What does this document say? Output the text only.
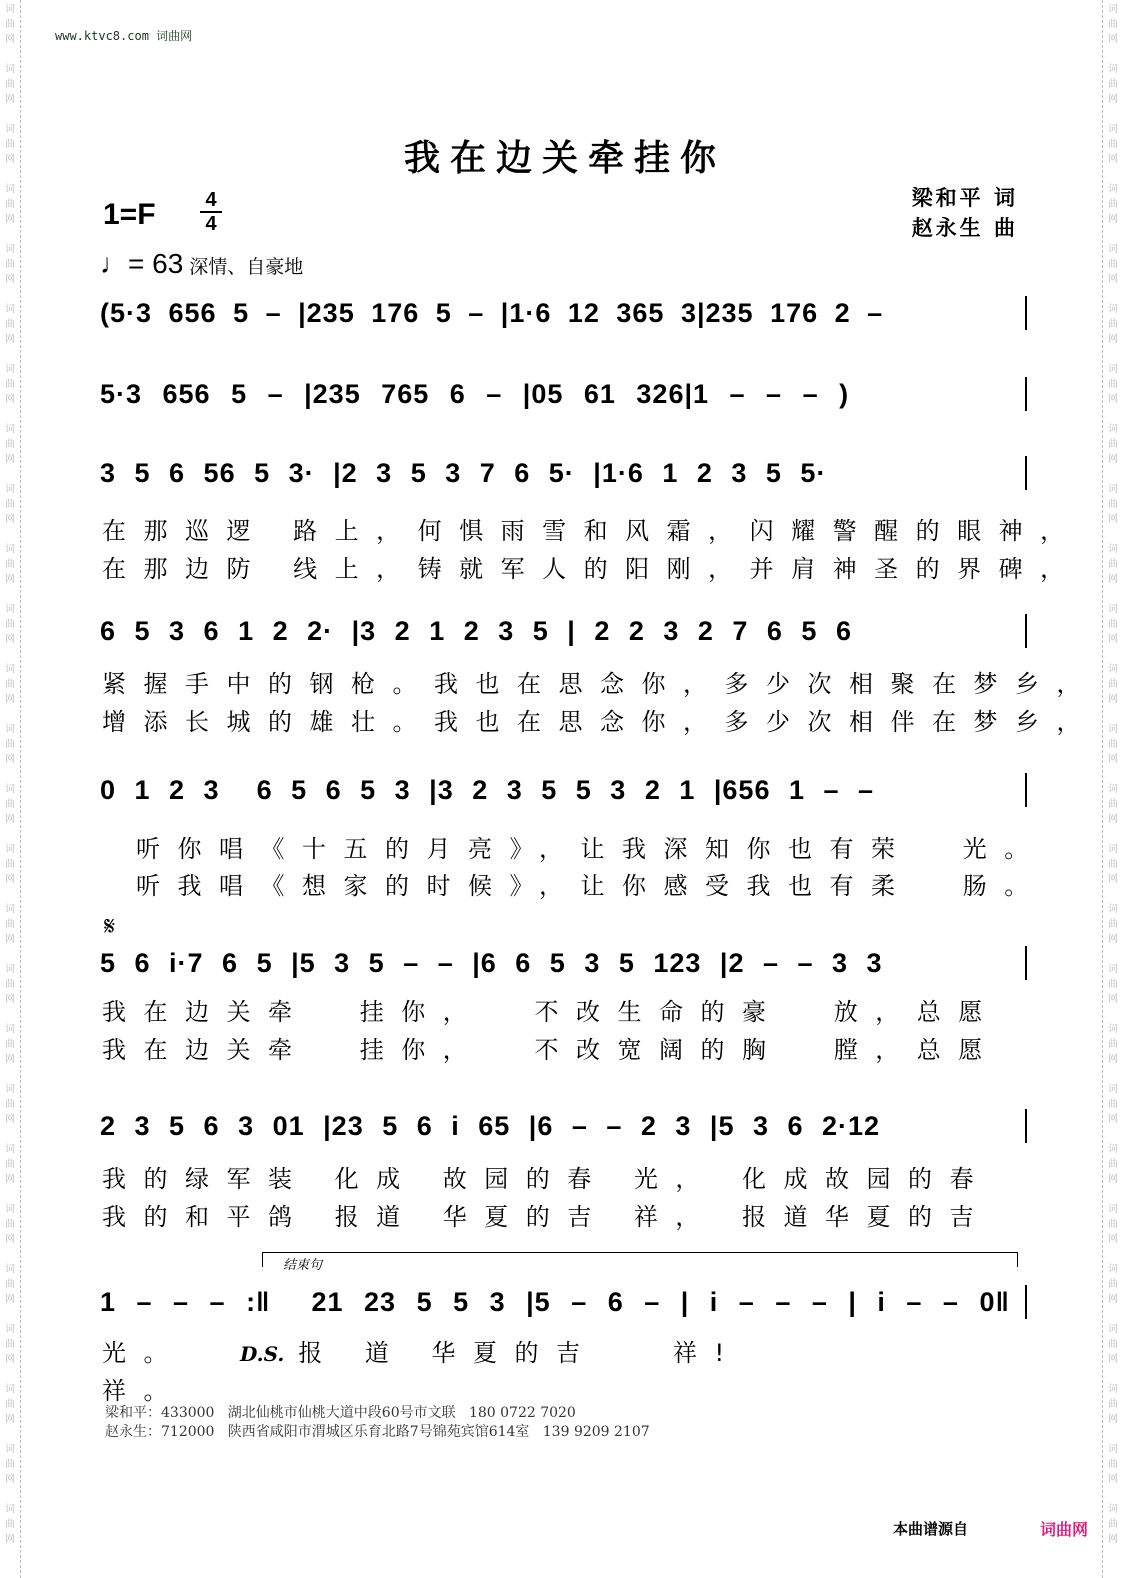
词
曲
网
词
曲
网
词
曲
网
词
曲
网
词
曲
网
词
曲
网
词
曲
网
词
曲
网
词
曲
网
词
曲
网
词
曲
网
词
曲
网
词
曲
网
词
曲
网
词
曲
网
词
曲
网
词
曲
网
词
曲
网
词
曲
网
词
曲
网
词
曲
网
词
曲
网
词
曲
网
词
曲
网
词
曲
网
词
曲
网
词
曲
网
词
曲
网
词
曲
网
词
曲
网
词
曲
网
词
曲
网
词
曲
网
词
曲
网
词
曲
网
词
曲
网
词
曲
网
词
曲
网
词
曲
网
词
曲
网
词
曲
网
词
曲
网
词
曲
网
词
曲
网
词
曲
网
词
曲
网
词
曲
网
词
曲
网
词
曲
网
词
曲
网
词
曲
网
词
曲
网
www.ktvc8.com 词曲网
我在边关牵挂你
1=F 4
4
♩= 63 深情、自豪地
梁和平 词
赵永生 曲
(5·3 656 5 – |235 176 5 – |1·6 12 365 3|235 176 2 –
5·3 656 5 – |235 765 6 – |05 61 326|1 – – – )
3 5 6 56 5 3· |2 3 5 3 7 6 5· |1·6 1 2 3 5 5·
在那巡逻 路上，何惧雨雪和风霜，闪耀警醒的眼神，
在那边防 线上，铸就军人的阳刚，并肩神圣的界碑，
6 5 3 6 1 2 2· |3 2 1 2 3 5 | 2 2 3 2 7 6 5 6
紧握手中的钢枪。我也在思念你，多少次相聚在梦乡，
增添长城的雄壮。我也在思念你，多少次相伴在梦乡，
0 1 2 3  6 5 6 5 3 |3 2 3 5 5 3 2 1 |656 1 – –
听你唱《十五的月亮》，让我深知你也有荣  光。
听我唱《想家的时候》，让你感受我也有柔  肠。
𝄋
5 6 i·7 6 5 |5 3 5 – – |6 6 5 3 5 123 |2 – – 3 3
我在边关牵  挂你，  不改生命的豪  放，总愿
我在边关牵  挂你，  不改宽阔的胸  膛，总愿
2 3 5 6 3 01 |23 5 6 i 65 |6 – – 2 3 |5 3 6 2·12
我的绿军装 化成 故园的春 光， 化成故园的春
我的和平鸽 报道 华夏的吉 祥， 报道华夏的吉
结束句
1 – – – :‖  21 23 5 5 3 |5 – 6 – | i – – – | i – – 0‖
光。	D.S. 报 道 华夏的吉   祥!
祥。
梁和平：433000   湖北仙桃市仙桃大道中段60号市文联   180 0722 7020
赵永生：712000   陕西省咸阳市渭城区乐育北路7号锦苑宾馆614室   139 9209 2107
本曲谱源自	词曲网
